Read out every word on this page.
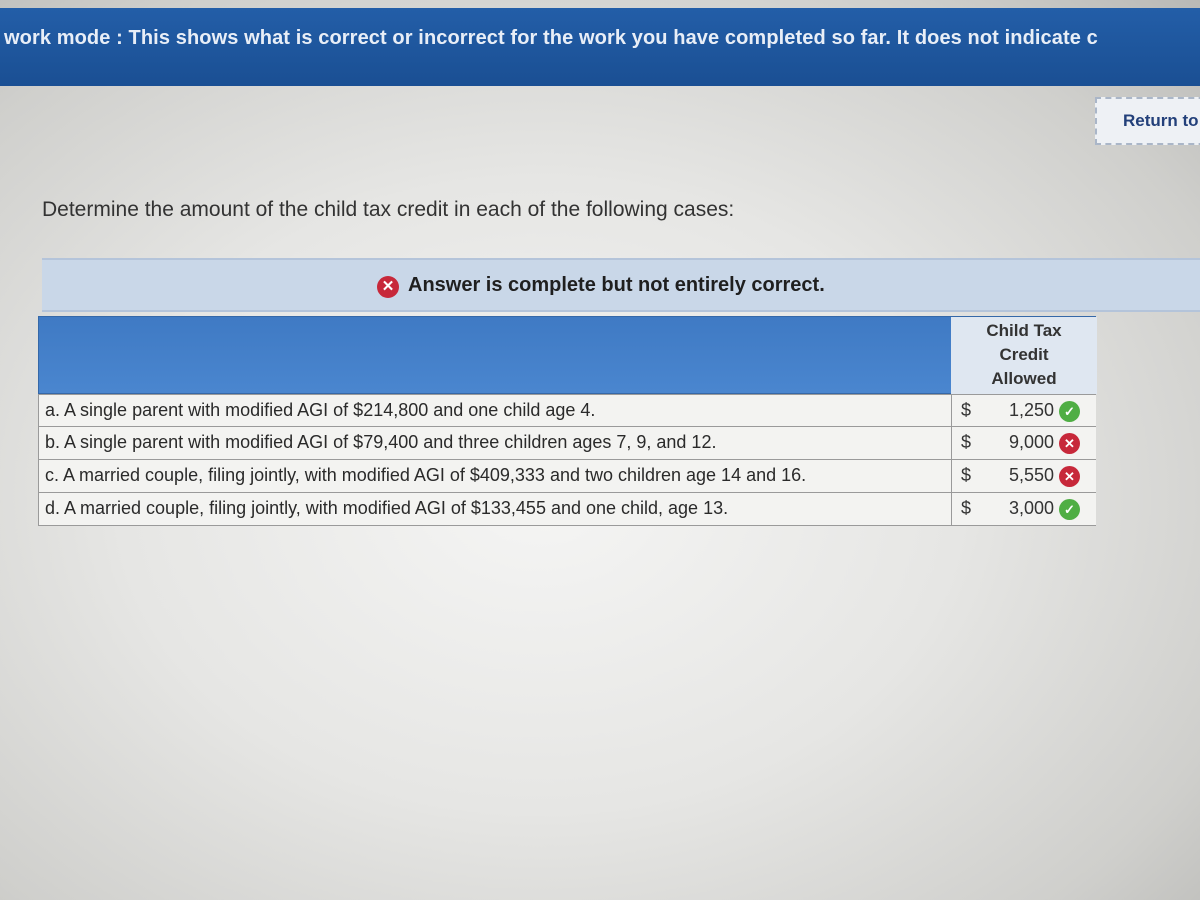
work mode : This shows what is correct or incorrect for the work you have completed so far. It does not indicate c
Return to
Determine the amount of the child tax credit in each of the following cases:
✕ Answer is complete but not entirely correct.
Child Tax
Credit
Allowed
a. A single parent with modified AGI of $214,800 and one child age 4.	$	1,250 ✓
b. A single parent with modified AGI of $79,400 and three children ages 7, 9, and 12.	$	9,000 ✕
c. A married couple, filing jointly, with modified AGI of $409,333 and two children age 14 and 16.	$	5,550 ✕
d. A married couple, filing jointly, with modified AGI of $133,455 and one child, age 13.	$	3,000 ✓
